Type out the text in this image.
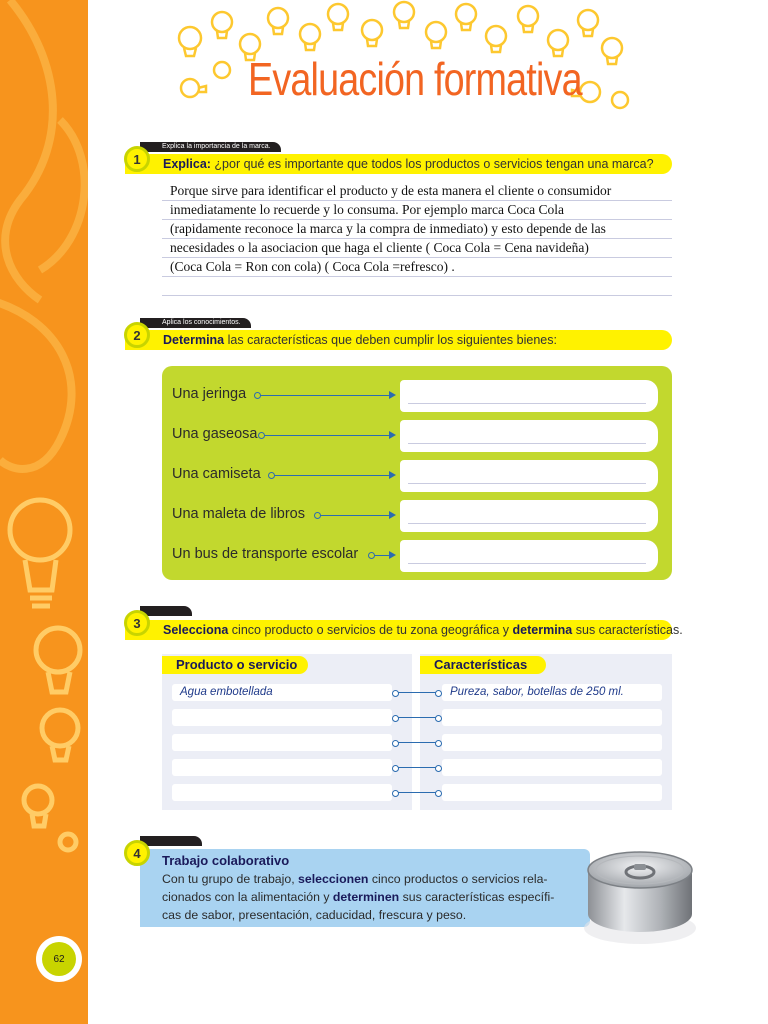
Evaluación formativa
Explica la importancia de la marca.
Explica: ¿por qué es importante que todos los productos o servicios tengan una marca?
1
Porque sirve para identificar el producto y de esta manera el cliente o consumidor
inmediatamente lo recuerde y lo consuma. Por ejemplo marca Coca Cola
(rapidamente reconoce la marca y la compra de inmediato) y esto depende de las
necesidades o la asociacion que haga el cliente ( Coca Cola = Cena navideña)
(Coca Cola = Ron con cola) ( Coca Cola =refresco) .
Aplica los conocimientos.
Determina las características que deben cumplir los siguientes bienes:
2
Una jeringa
Una gaseosa
Una camiseta
Una maleta de libros
Un bus de transporte escolar
Selecciona cinco producto o servicios de tu zona geográfica y determina sus características.
3
Producto o servicio	Características
Agua embotellada	Pureza, sabor, botellas de 250 ml.
Trabajo colaborativo
Con tu grupo de trabajo, seleccionen cinco productos o servicios rela-cionados con la alimentación y determinen sus características específi-cas de sabor, presentación, caducidad, frescura y peso.
4
62
